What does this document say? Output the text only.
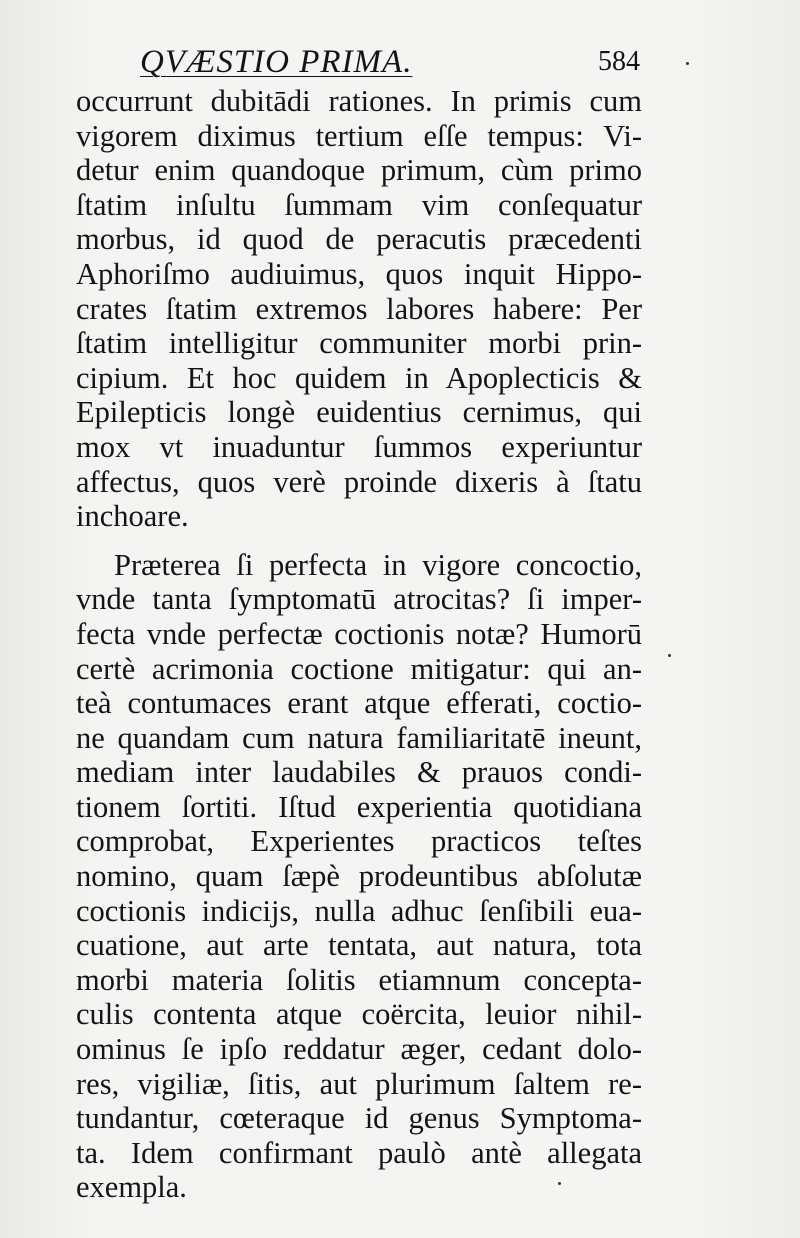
QVÆSTIO PRIMA.	584
occurrunt dubitādi rationes. In primis cum
vigorem diximus tertium eſſe tempus: Vi-
detur enim quandoque primum, cùm primo
ſtatim inſultu ſummam vim conſequatur
morbus, id quod de peracutis præcedenti
Aphoriſmo audiuimus, quos inquit Hippo-
crates ſtatim extremos labores habere: Per
ſtatim intelligitur communiter morbi prin-
cipium. Et hoc quidem in Apoplecticis &
Epilepticis longè euidentius cernimus, qui
mox vt inuaduntur ſummos experiuntur
affectus, quos verè proinde dixeris à ſtatu
inchoare.
Præterea ſi perfecta in vigore concoctio,
vnde tanta ſymptomatū atrocitas? ſi imper-
fecta vnde perfectæ coctionis notæ? Humorū
certè acrimonia coctione mitigatur: qui an-
teà contumaces erant atque efferati, coctio-
ne quandam cum natura familiaritatē ineunt,
mediam inter laudabiles & prauos condi-
tionem ſortiti. Iſtud experientia quotidiana
comprobat, Experientes practicos teſtes
nomino, quam ſæpè prodeuntibus abſolutæ
coctionis indicijs, nulla adhuc ſenſibili eua-
cuatione, aut arte tentata, aut natura, tota
morbi materia ſolitis etiamnum concepta-
culis contenta atque coërcita, leuior nihil-
ominus ſe ipſo reddatur æger, cedant dolo-
res, vigiliæ, ſitis, aut plurimum ſaltem re-
tundantur, cœteraque id genus Symptoma-
ta. Idem confirmant paulò antè allegata
exempla.
